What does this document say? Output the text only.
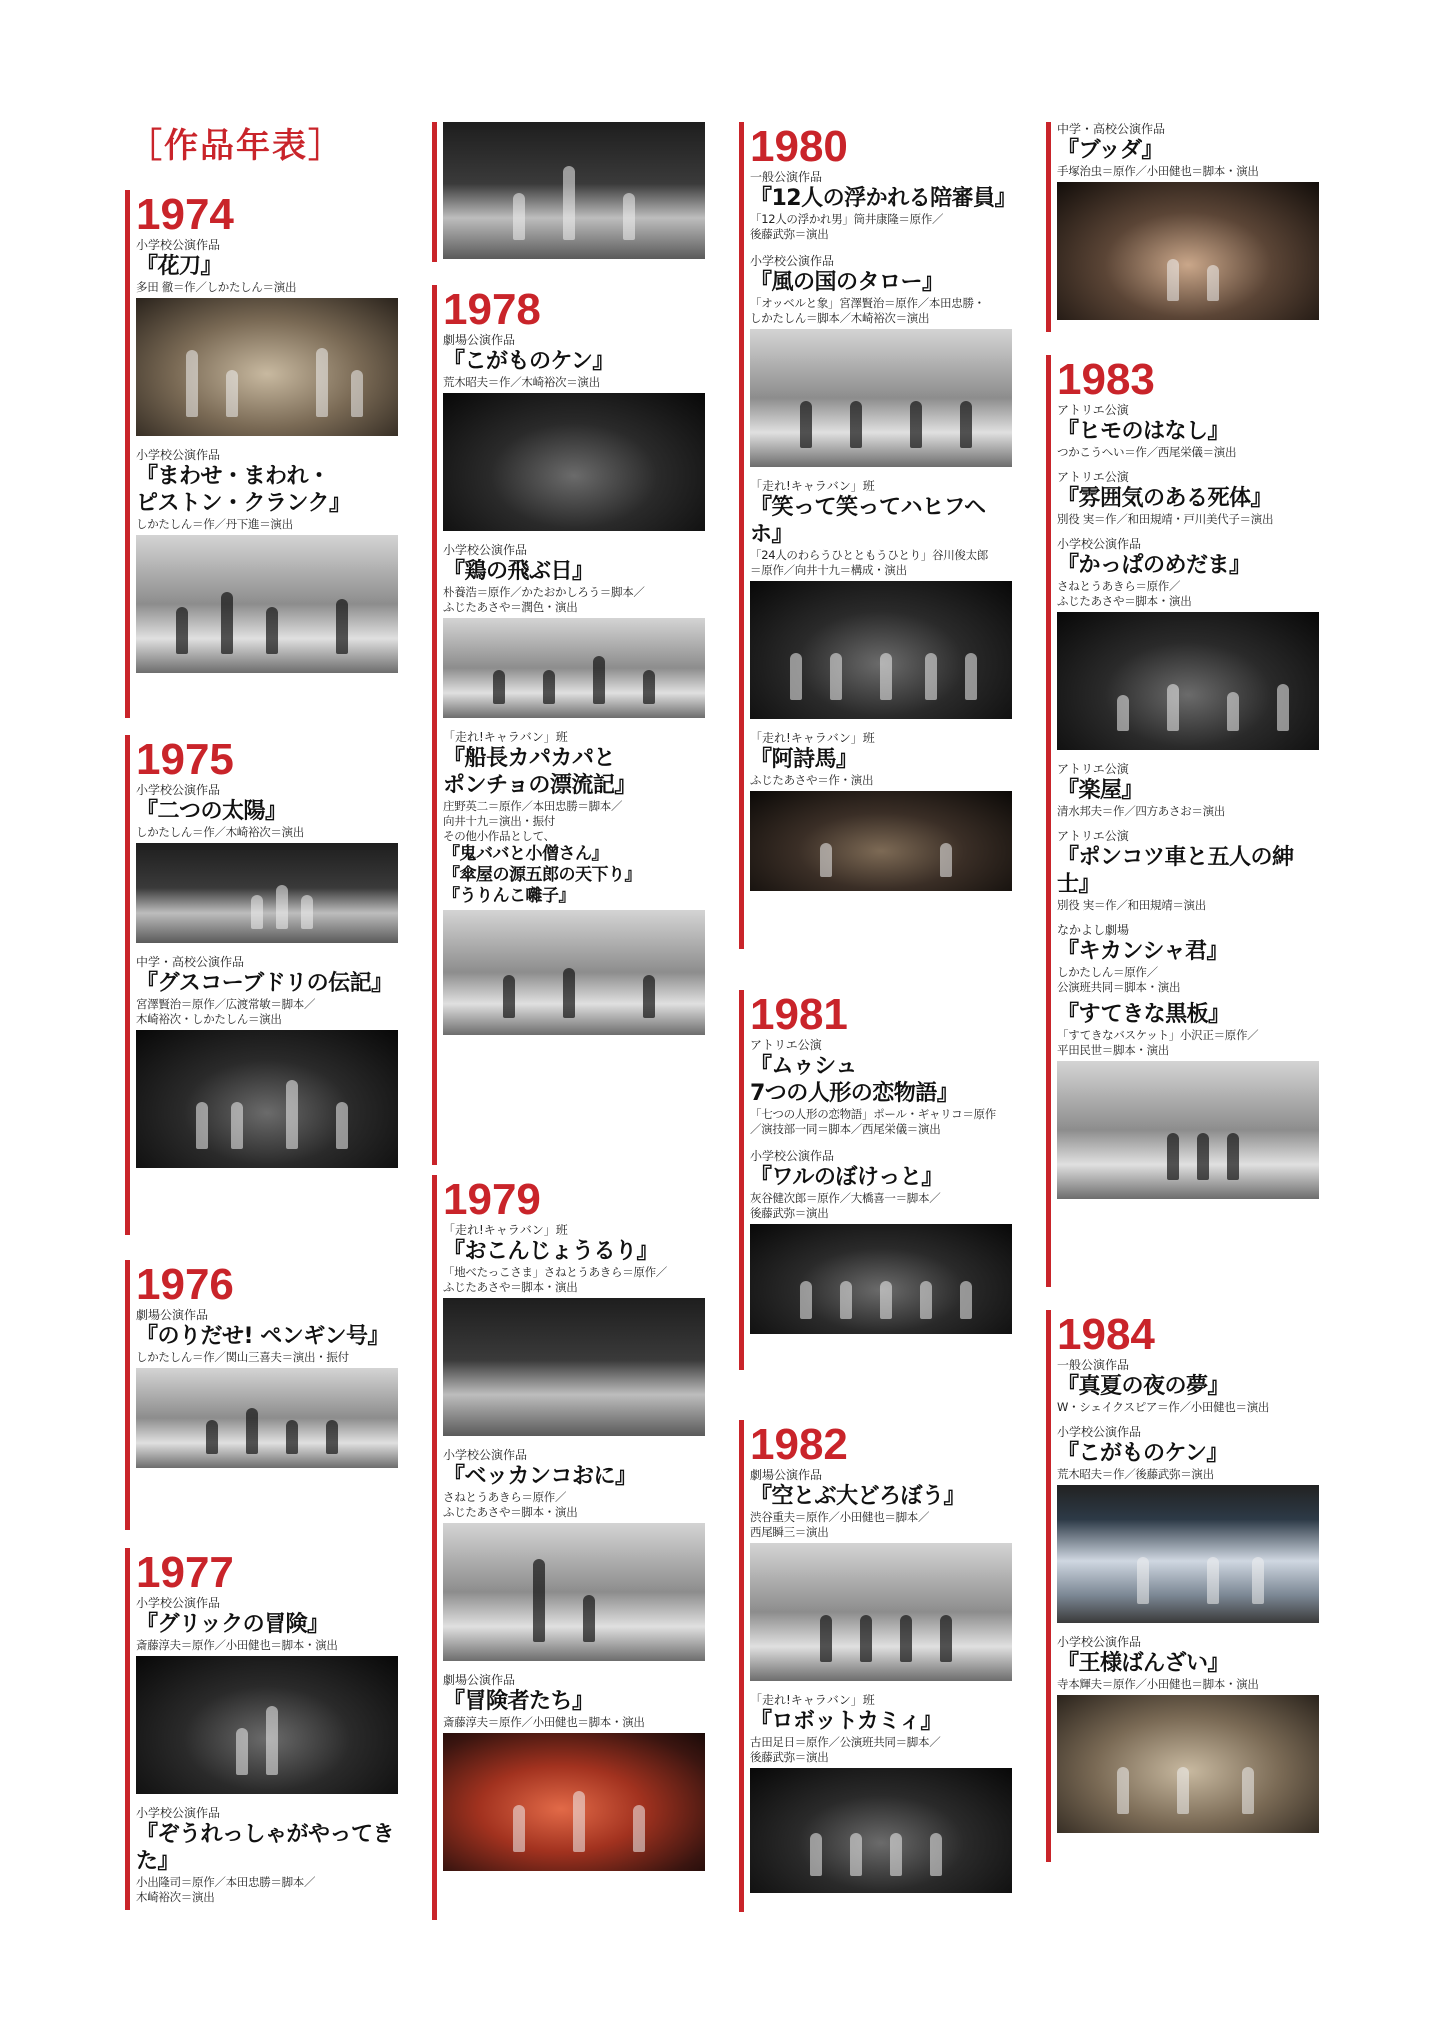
［作品年表］
1974
小学校公演作品
『花刀』
多田 徹＝作／しかたしん＝演出
小学校公演作品
『まわせ・まわれ・
ピストン・クランク』
しかたしん＝作／丹下進＝演出
1975
小学校公演作品
『二つの太陽』
しかたしん＝作／木崎裕次＝演出
中学・高校公演作品
『グスコーブドリの伝記』
宮澤賢治＝原作／広渡常敏＝脚本／
木崎裕次・しかたしん＝演出
1976
劇場公演作品
『のりだせ! ペンギン号』
しかたしん＝作／関山三喜夫＝演出・振付
1977
小学校公演作品
『グリックの冒険』
斎藤淳夫＝原作／小田健也＝脚本・演出
小学校公演作品
『ぞうれっしゃがやってきた』
小出隆司＝原作／本田忠勝＝脚本／
木崎裕次＝演出
1978
劇場公演作品
『こがものケン』
荒木昭夫＝作／木崎裕次＝演出
小学校公演作品
『鶏の飛ぶ日』
朴養浩＝原作／かたおかしろう＝脚本／
ふじたあさや＝潤色・演出
「走れ!キャラバン」班
『船長カパカパと
ポンチョの漂流記』
庄野英二＝原作／本田忠勝＝脚本／
向井十九＝演出・振付
その他小作品として、
『鬼ババと小僧さん』
『傘屋の源五郎の天下り』
『うりんこ囃子』
1979
「走れ!キャラバン」班
『おこんじょうるり』
「地べたっこさま」さねとうあきら＝原作／
ふじたあさや＝脚本・演出
小学校公演作品
『ベッカンコおに』
さねとうあきら＝原作／
ふじたあさや＝脚本・演出
劇場公演作品
『冒険者たち』
斎藤淳夫＝原作／小田健也＝脚本・演出
1980
一般公演作品
『12人の浮かれる陪審員』
「12人の浮かれ男」筒井康隆＝原作／
後藤武弥＝演出
小学校公演作品
『風の国のタロー』
「オッベルと象」宮澤賢治＝原作／本田忠勝・
しかたしん＝脚本／木崎裕次＝演出
「走れ!キャラバン」班
『笑って笑ってハヒフヘホ』
「24人のわらうひとともうひとり」谷川俊太郎
＝原作／向井十九＝構成・演出
「走れ!キャラバン」班
『阿詩馬』
ふじたあさや＝作・演出
1981
アトリエ公演
『ムゥシュ
7つの人形の恋物語』
「七つの人形の恋物語」ポール・ギャリコ＝原作
／演技部一同＝脚本／西尾栄儀＝演出
小学校公演作品
『ワルのぼけっと』
灰谷健次郎＝原作／大橋喜一＝脚本／
後藤武弥＝演出
1982
劇場公演作品
『空とぶ大どろぼう』
渋谷重夫＝原作／小田健也＝脚本／
西尾瞬三＝演出
「走れ!キャラバン」班
『ロボットカミィ』
古田足日＝原作／公演班共同＝脚本／
後藤武弥＝演出
中学・高校公演作品
『ブッダ』
手塚治虫＝原作／小田健也＝脚本・演出
1983
アトリエ公演
『ヒモのはなし』
つかこうへい＝作／西尾栄儀＝演出
アトリエ公演
『雰囲気のある死体』
別役 実＝作／和田規靖・戸川美代子＝演出
小学校公演作品
『かっぱのめだま』
さねとうあきら＝原作／
ふじたあさや＝脚本・演出
アトリエ公演
『楽屋』
清水邦夫＝作／四方あさお＝演出
アトリエ公演
『ポンコツ車と五人の紳士』
別役 実＝作／和田規靖＝演出
なかよし劇場
『キカンシャ君』
しかたしん＝原作／
公演班共同＝脚本・演出
『すてきな黒板』
「すてきなバスケット」小沢正＝原作／
平田民世＝脚本・演出
1984
一般公演作品
『真夏の夜の夢』
W・シェイクスピア＝作／小田健也＝演出
小学校公演作品
『こがものケン』
荒木昭夫＝作／後藤武弥＝演出
小学校公演作品
『王様ばんざい』
寺本輝夫＝原作／小田健也＝脚本・演出
